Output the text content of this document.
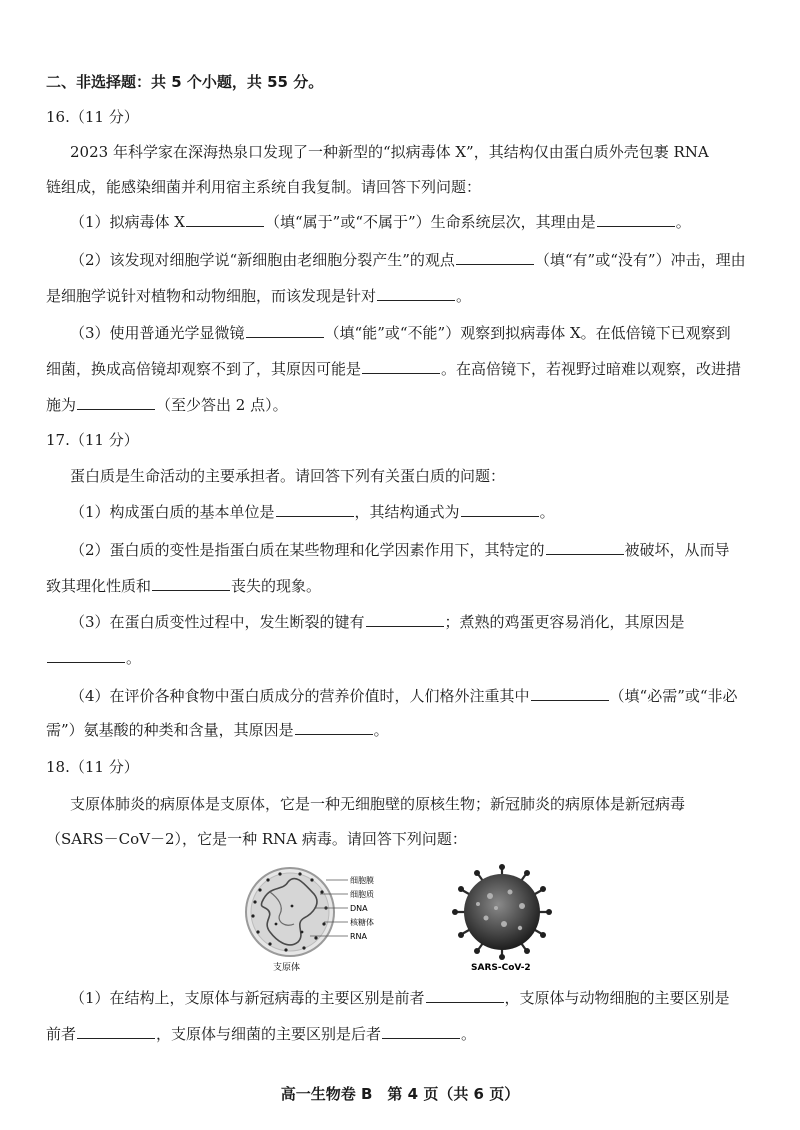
二、非选择题：共 5 个小题，共 55 分。
16.（11 分）
2023 年科学家在深海热泉口发现了一种新型的“拟病毒体 X”，其结构仅由蛋白质外壳包裹 RNA
链组成，能感染细菌并利用宿主系统自我复制。请回答下列问题：
（1）拟病毒体 X	（填“属于”或“不属于”）生命系统层次，其理由是	。
（2）该发现对细胞学说“新细胞由老细胞分裂产生”的观点	（填“有”或“没有”）冲击，理由
是细胞学说针对植物和动物细胞，而该发现是针对	。
（3）使用普通光学显微镜	（填“能”或“不能”）观察到拟病毒体 X。在低倍镜下已观察到
细菌，换成高倍镜却观察不到了，其原因可能是	。在高倍镜下，若视野过暗难以观察，改进措
施为	（至少答出 2 点）。
17.（11 分）
蛋白质是生命活动的主要承担者。请回答下列有关蛋白质的问题：
（1）构成蛋白质的基本单位是	，其结构通式为	。
（2）蛋白质的变性是指蛋白质在某些物理和化学因素作用下，其特定的	被破坏，从而导
致其理化性质和	丧失的现象。
（3）在蛋白质变性过程中，发生断裂的键有	；煮熟的鸡蛋更容易消化，其原因是
。
（4）在评价各种食物中蛋白质成分的营养价值时，人们格外注重其中	（填“必需”或“非必
需”）氨基酸的种类和含量，其原因是	。
18.（11 分）
支原体肺炎的病原体是支原体，它是一种无细胞壁的原核生物；新冠肺炎的病原体是新冠病毒
（SARS－CoV－2），它是一种 RNA 病毒。请回答下列问题：
细胞膜
细胞质
DNA
核糖体
RNA
支原体	SARS-CoV-2
（1）在结构上，支原体与新冠病毒的主要区别是前者	，支原体与动物细胞的主要区别是
前者	，支原体与细菌的主要区别是后者	。
高一生物卷 B　第 4 页（共 6 页）
